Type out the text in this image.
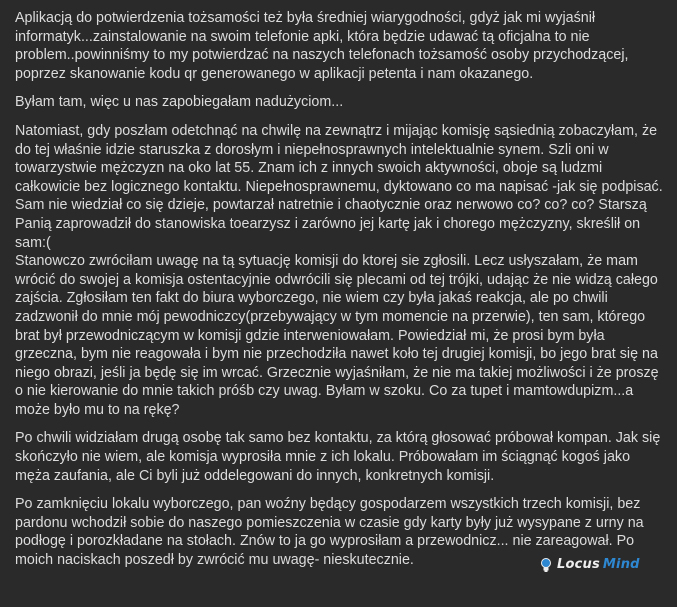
Aplikacją do potwierdzenia tożsamości też była średniej wiarygodności, gdyż jak mi wyjaśnił informatyk...zainstalowanie na swoim telefonie apki, która będzie udawać tą oficjalna to nie problem..powinniśmy to my potwierdzać na naszych telefonach tożsamość osoby przychodzącej, poprzez skanowanie kodu qr generowanego w aplikacji petenta i nam okazanego.

Byłam tam, więc u nas zapobiegałam nadużyciom...

Natomiast, gdy poszłam odetchnąć na chwilę na zewnątrz i mijając komisję sąsiednią zobaczyłam, że do tej właśnie idzie staruszka z dorosłym i niepełnosprawnych intelektualnie synem. Szli oni w towarzystwie mężczyzn na oko lat 55. Znam ich z innych swoich aktywności, oboje są ludzmi całkowicie bez logicznego kontaktu. Niepełnosprawnemu, dyktowano co ma napisać -jak się podpisać. Sam nie wiedział co się dzieje, powtarzał natretnie i chaotycznie oraz nerwowo co? co? co? Starszą Panią zaprowadził do stanowiska toearzysz i zarówno jej kartę jak i chorego mężczyzny, skreślił on sam:(
Stanowczo zwróciłam uwagę na tą sytuację komisji do ktorej sie zgłosili. Lecz usłyszałam, że mam wrócić do swojej a komisja ostentacyjnie odwrócili się plecami od tej trójki, udając że nie widzą całego zajścia. Zgłosiłam ten fakt do biura wyborczego, nie wiem czy była jakaś reakcja, ale po chwili zadzwonił do mnie mój pewodniczcy(przebywający w tym momencie na przerwie), ten sam, którego brat był przewodniczącym w komisji gdzie interweniowałam. Powiedział mi, że prosi bym była grzeczna, bym nie reagowała i bym nie przechodziła nawet koło tej drugiej komisji, bo jego brat się na niego obrazi, jeśli ja będę się im wrcać. Grzecznie wyjaśniłam, że nie ma takiej możliwości i że proszę o nie kierowanie do mnie takich próśb czy uwag. Byłam w szoku. Co za tupet i mamtowdupizm...a może było mu to na rękę?

Po chwili widziałam drugą osobę tak samo bez kontaktu, za którą głosować próbował kompan. Jak się skończyło nie wiem, ale komisja wyprosiła mnie z ich lokalu. Próbowałam im ściągnąć kogoś jako męża zaufania, ale Ci byli już oddelegowani do innych, konkretnych komisji.

Po zamknięciu lokalu wyborczego, pan woźny będący gospodarzem wszystkich trzech komisji, bez pardonu wchodził sobie do naszego pomieszczenia w czasie gdy karty były już wysypane z urny na podłogę i porozkładane na stołach. Znów to ja go wyprosiłam a przewodnicz... nie zareagował. Po moich naciskach poszedł by zwrócić mu uwagę- nieskutecznie.	Locus Mind
